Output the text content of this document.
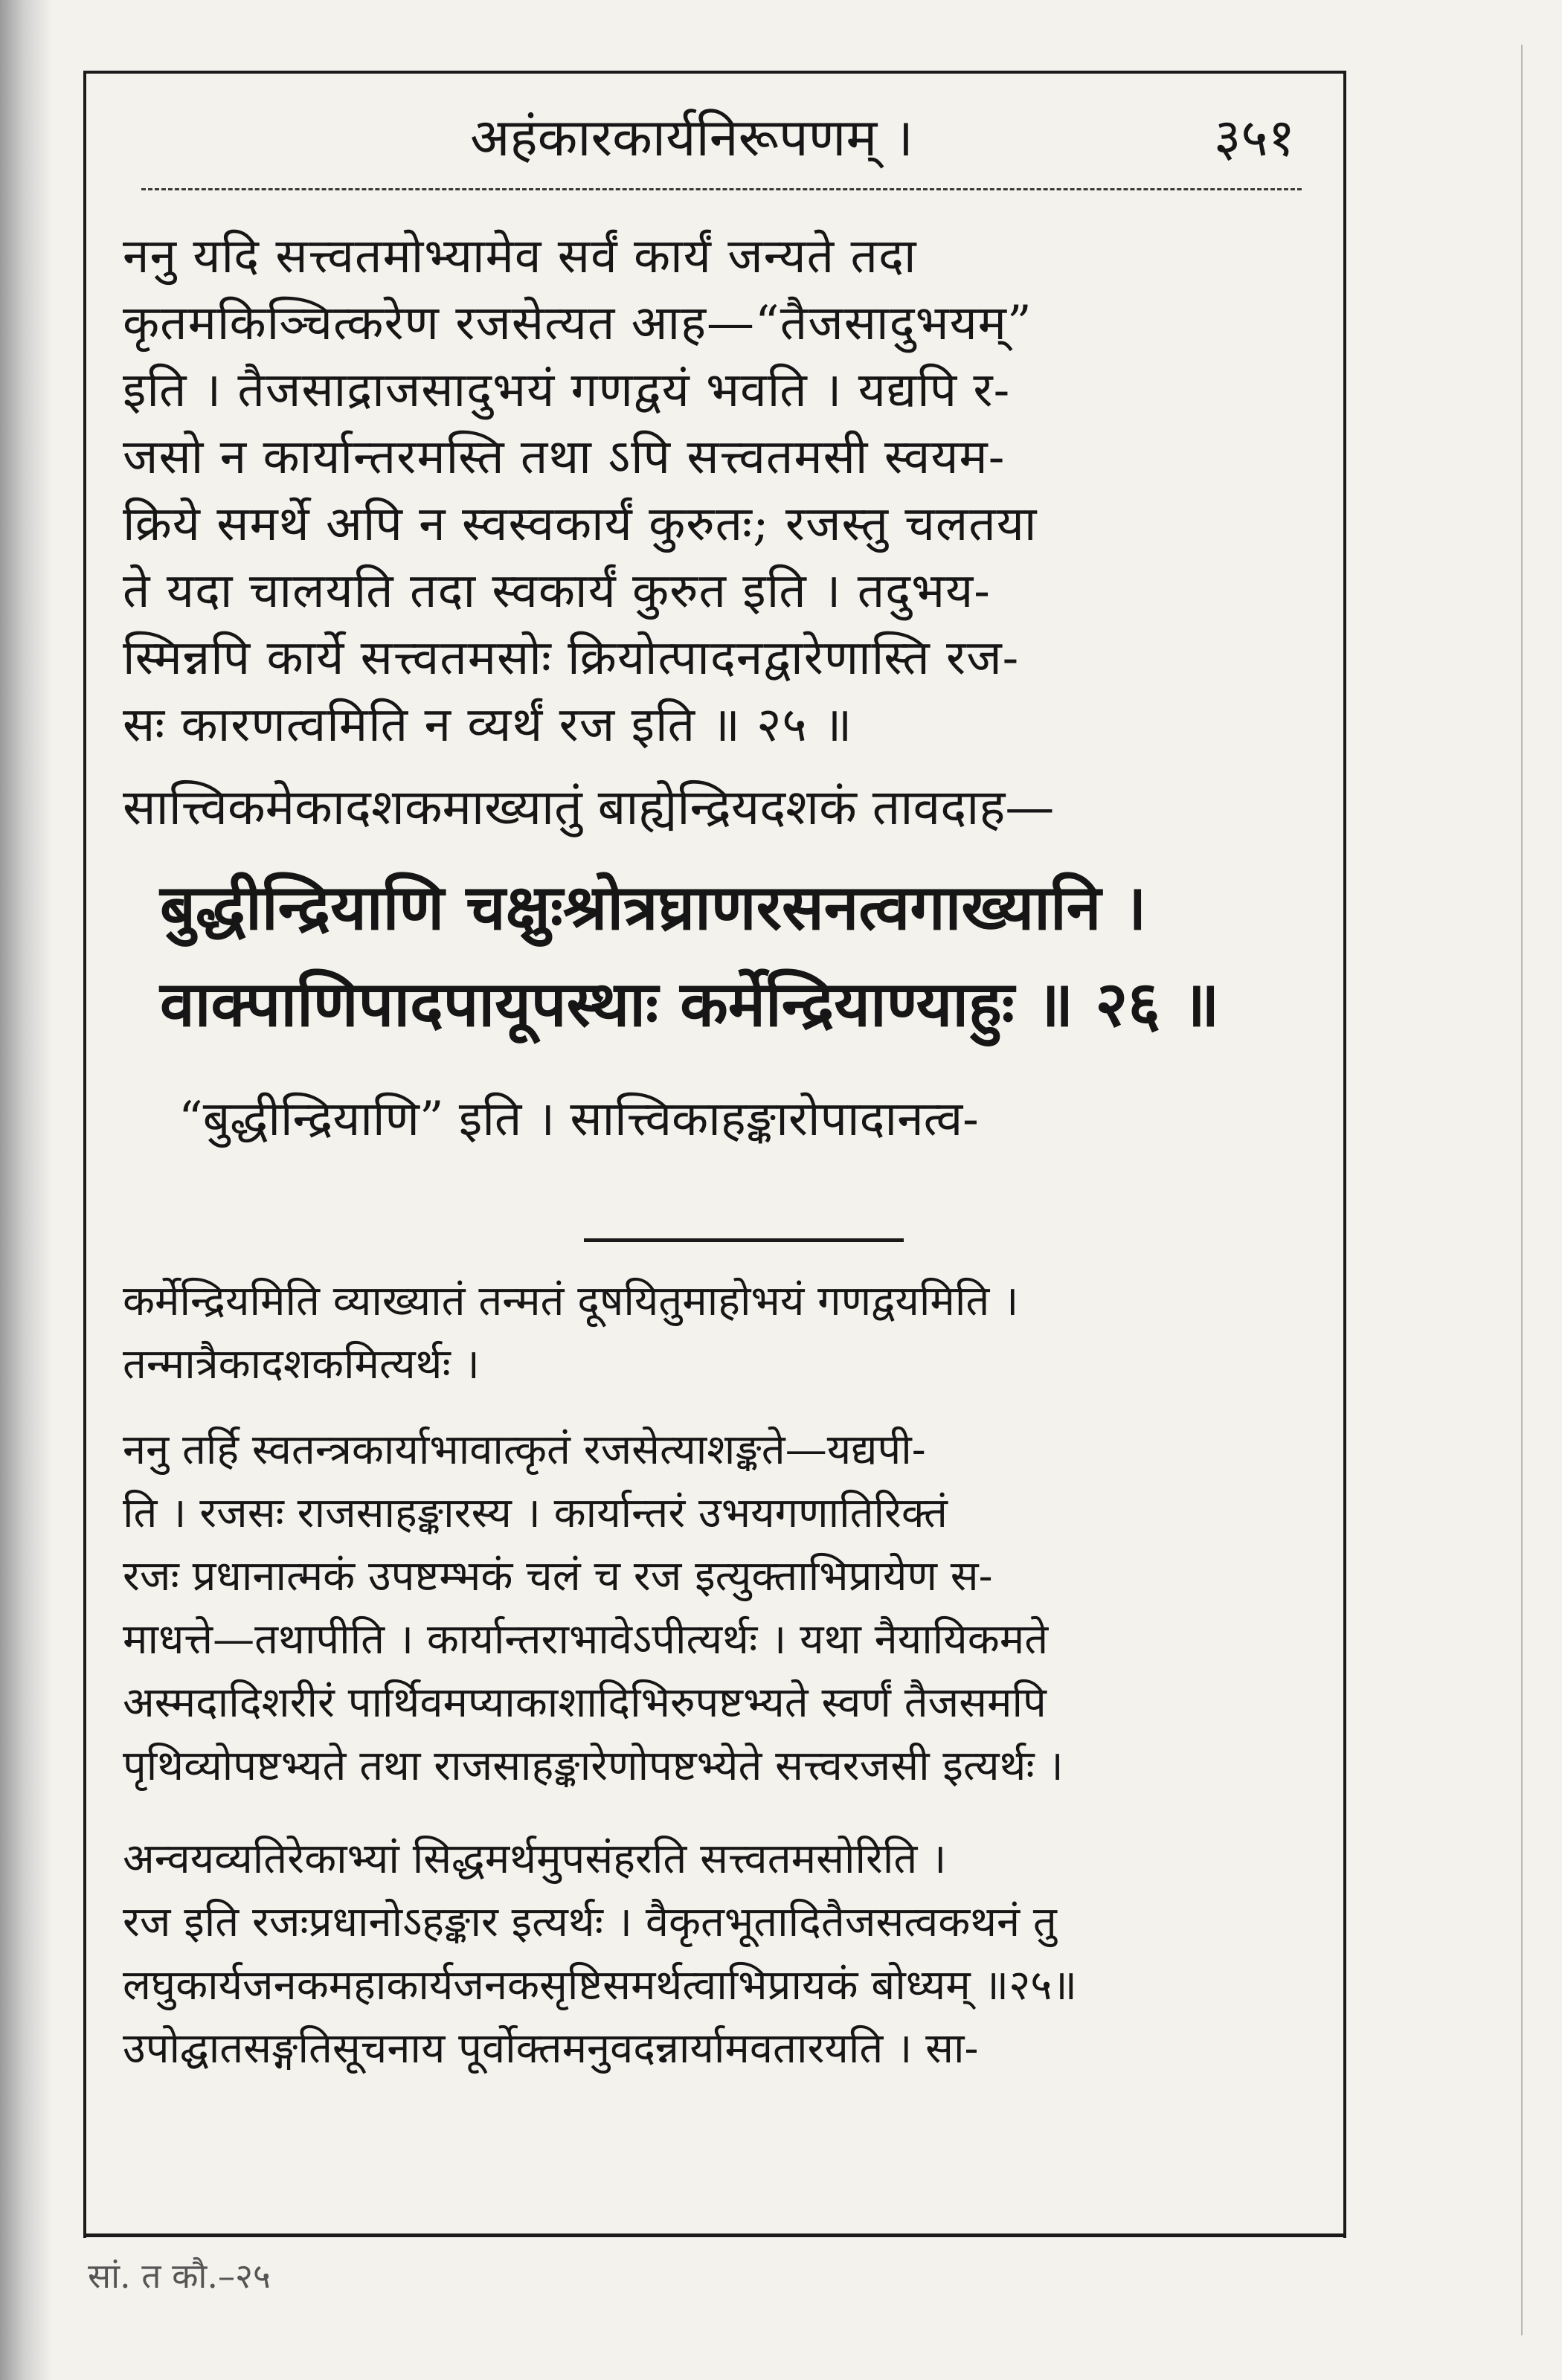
अहंकारकार्यनिरूपणम् ।	३५१
ननु यदि सत्त्वतमोभ्यामेव सर्वं कार्यं जन्यते तदा
कृतमकिञ्चित्करेण रजसेत्यत आह—“तैजसादुभयम्”
इति । तैजसाद्राजसादुभयं गणद्वयं भवति । यद्यपि र-
जसो न कार्यान्तरमस्ति तथा ऽपि सत्त्वतमसी स्वयम-
क्रिये समर्थे अपि न स्वस्वकार्यं कुरुतः; रजस्तु चलतया
ते यदा चालयति तदा स्वकार्यं कुरुत इति । तदुभय-
स्मिन्नपि कार्ये सत्त्वतमसोः क्रियोत्पादनद्वारेणास्ति रज-
सः कारणत्वमिति न व्यर्थं रज इति ॥ २५ ॥
सात्त्विकमेकादशकमाख्यातुं बाह्येन्द्रियदशकं तावदाह—
बुद्धीन्द्रियाणि चक्षुःश्रोत्रघ्राणरसनत्वगाख्यानि ।
वाक्पाणिपादपायूपस्थाः कर्मेन्द्रियाण्याहुः ॥ २६ ॥
“बुद्धीन्द्रियाणि” इति । सात्त्विकाहङ्कारोपादानत्व-
कर्मेन्द्रियमिति व्याख्यातं तन्मतं दूषयितुमाहोभयं गणद्वयमिति ।
तन्मात्रैकादशकमित्यर्थः ।
ननु तर्हि स्वतन्त्रकार्याभावात्कृतं रजसेत्याशङ्कते—यद्यपी-
ति । रजसः राजसाहङ्कारस्य । कार्यान्तरं उभयगणातिरिक्तं
रजः प्रधानात्मकं उपष्टम्भकं चलं च रज इत्युक्ताभिप्रायेण स-
माधत्ते—तथापीति । कार्यान्तराभावेऽपीत्यर्थः । यथा नैयायिकमते
अस्मदादिशरीरं पार्थिवमप्याकाशादिभिरुपष्टभ्यते स्वर्णं तैजसमपि
पृथिव्योपष्टभ्यते तथा राजसाहङ्कारेणोपष्टभ्येते सत्त्वरजसी इत्यर्थः ।
अन्वयव्यतिरेकाभ्यां सिद्धमर्थमुपसंहरति सत्त्वतमसोरिति ।
रज इति रजःप्रधानोऽहङ्कार इत्यर्थः । वैकृतभूतादितैजसत्वकथनं तु
लघुकार्यजनकमहाकार्यजनकसृष्टिसमर्थत्वाभिप्रायकं बोध्यम् ॥२५॥
उपोद्घातसङ्गतिसूचनाय पूर्वोक्तमनुवदन्नार्यामवतारयति । सा-
सां. त कौ.–२५
